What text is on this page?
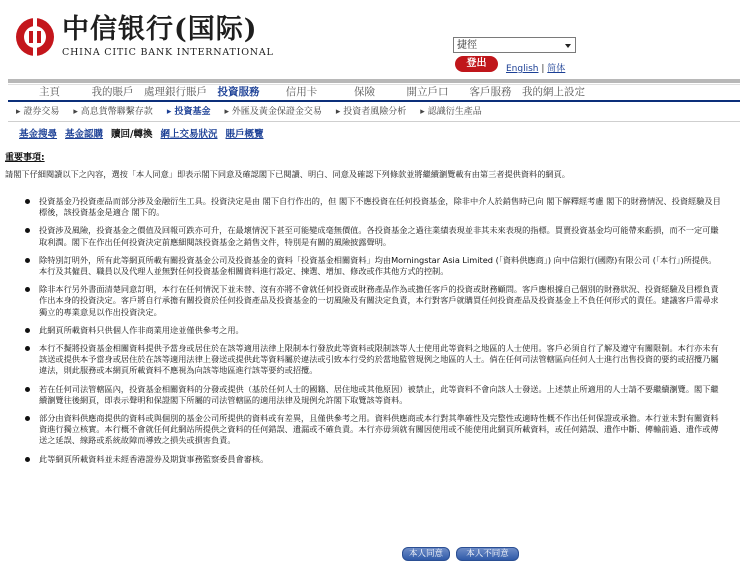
中信银行(国际)
CHINA CITIC BANK INTERNATIONAL
捷徑
登出	English | 简体
主頁	我的賬戶	處理銀行賬戶	投資服務	信用卡	保險	開立戶口	客戶服務	我的網上設定
▸ 證券交易 ▸ 高息貨幣聯繫存款 ▸ 投資基金 ▸ 外匯及黃金保證金交易 ▸ 投資者風險分析 ▸ 認識衍生產品
基金搜尋 基金認購 贖回/轉換 網上交易狀況 賬戶概覽
重要事項:
請閣下仔細閱讀以下之內容，選按「本人同意」即表示閣下同意及確認閣下已閱讀、明白、同意及確認下列條款並將繼續瀏覽載有由第三者提供資料的網頁。
投資基金乃投資產品而部分涉及金融衍生工具。投資決定是由 閣下自行作出的，但 閣下不應投資在任何投資基金，除非中介人於銷售時已向 閣下解釋經考慮 閣下的財務情況、投資經驗及目標後，該投資基金是適合 閣下的。
投資涉及風險，投資基金之價值及回報可跌亦可升，在最壞情況下甚至可能變成毫無價值。各投資基金之過往業績表現並非其未來表現的指標。買賣投資基金均可能帶來虧損，而不一定可賺取利潤。閣下在作出任何投資決定前應細閱該投資基金之銷售文件，特別是有關的風險披露聲明。
除特別訂明外，所有此等網頁所載有關投資基金公司及投資基金的資料「投資基金相關資料」均由Morningstar Asia Limited (「資料供應商」) 向中信銀行(國際)有限公司 (「本行」)所提供。本行及其僱員、職員以及代理人並無對任何投資基金相關資料進行設定、揀選、增加、修改或作其他方式的控制。
除非本行另外書面清楚同意訂明，本行在任何情況下並未替、沒有亦將不會就任何投資或財務產品作為或擔任客戶的投資或財務顧問。客戶應根據自己個別的財務狀況、投資經驗及目標負責作出本身的投資決定。客戶將自行承擔有關投資於任何投資產品及投資基金的一切風險及有關決定負責，本行對客戶就購買任何投資產品及投資基金上不負任何形式的責任。建議客戶需尋求獨立的專業意見以作出投資決定。
此網頁所載資料只供個人作非商業用途並僅供參考之用。
本行不擬將投資基金相關資料提供予當身或居住於在該等適用法律上限制本行發放此等資料或限制該等人士使用此等資料之地區的人士使用。客戶必須自行了解及遵守有關限制。本行亦未有該送或提供本予當身或居住於在該等適用法律上發送或提供此等資料屬於違法或引致本行受約於當地監管規例之地區的人士。倘在任何司法管轄區向任何人士進行出售投資的要約或招攬乃屬違法，則此服務或本網頁所載資料不應視為向該等地區進行該等要約或招攬。
若在任何司法管轄區內，投資基金相關資料的分發或提供（基於任何人士的國籍、居住地或其他原因）被禁止，此等資料不會向該人士發送。上述禁止所適用的人士請不要繼續瀏覽。閣下繼續瀏覽往後網頁，即表示聲明和保證閣下所屬的司法管轄區的適用法律及規例允許閣下取覽該等資料。
部分由資料供應商提供的資料或與個別的基金公司所提供的資料或有差異，且僅供參考之用。資料供應商或本行對其準確性及完整性或適時性概不作出任何保證或承擔。本行並未對有關資料資進行獨立核實。本行概不會就任何此網站所提供之資料的任何錯誤、遺漏或不確負責。本行亦毋須就有關因使用或不能使用此網頁所載資料，或任何錯誤、遺作中斷、傳輸前過、遺作或傳送之延誤、線路或系統故障而導致之損失或損害負責。
此等網頁所載資料並未經香港證券及期貨事務監察委員會審核。
本人同意	本人不同意
